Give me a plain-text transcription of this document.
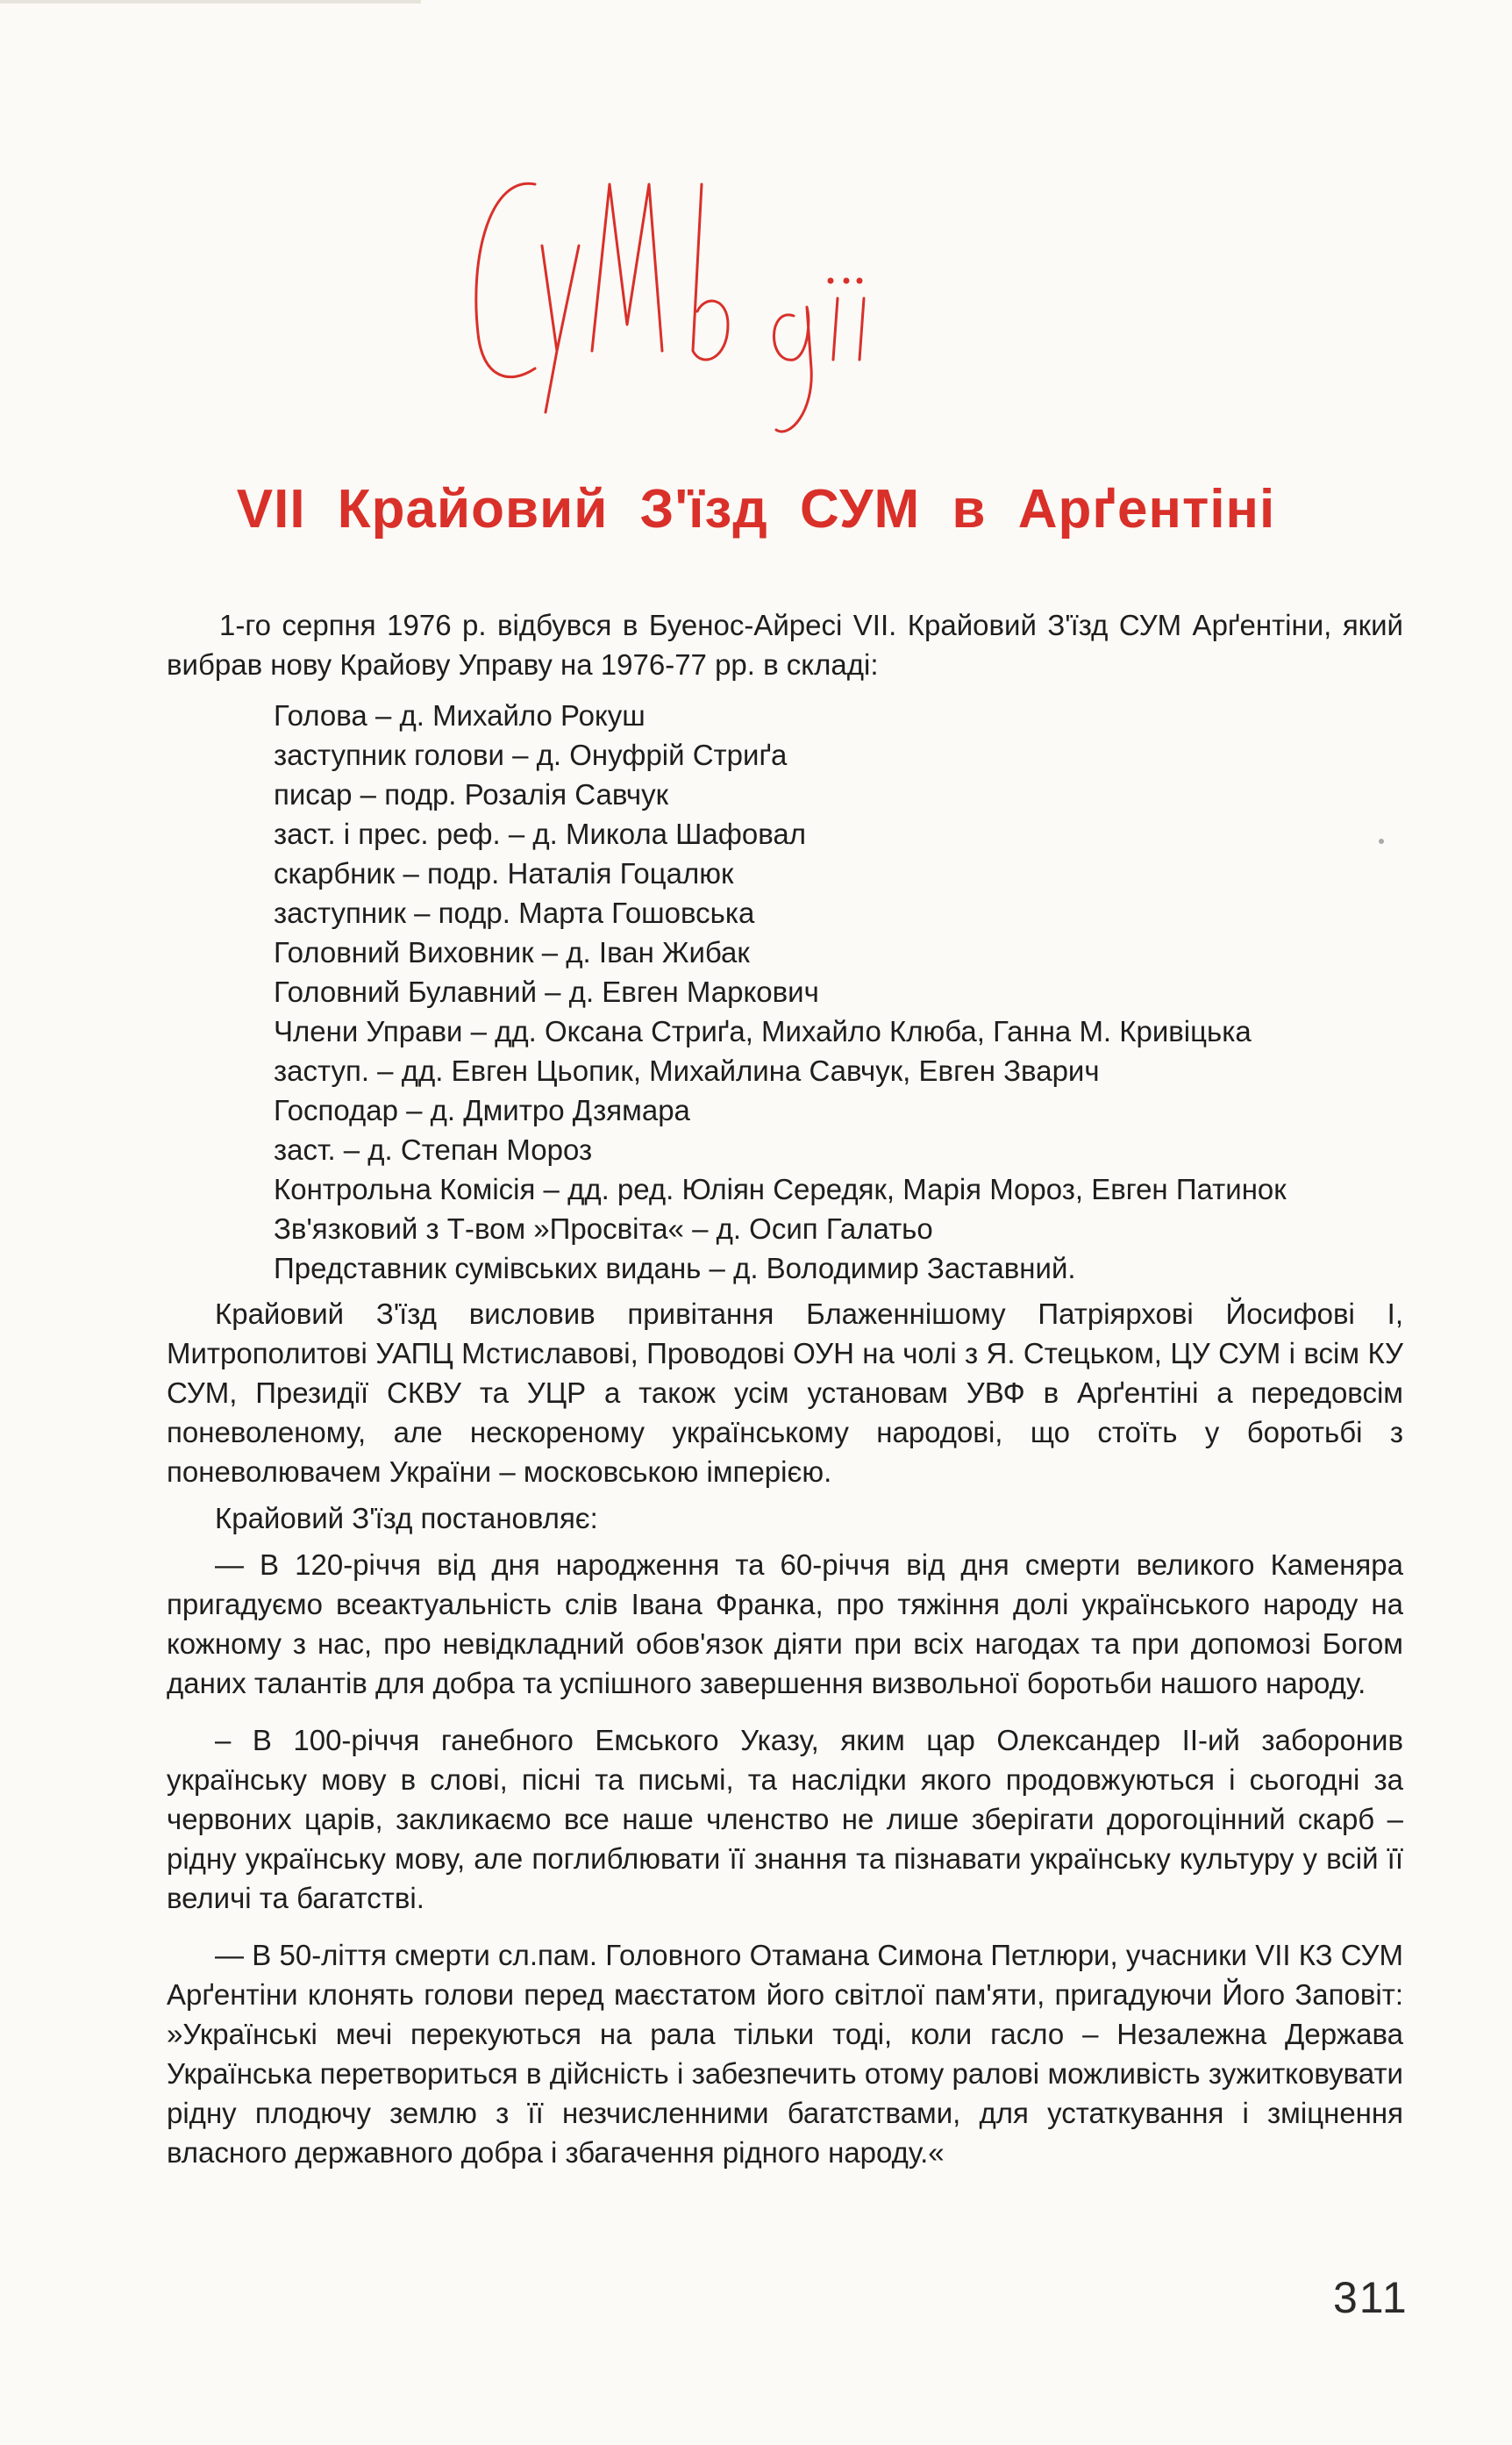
VII Крайовий З'їзд СУМ в Арґентіні

1-го серпня 1976 р. відбувся в Буенос-Айресі VII. Крайовий З'їзд СУМ Арґентіни, який вибрав нову Крайову Управу на 1976-77 рр. в складі:

Голова – д. Михайло Рокуш
заступник голови – д. Онуфрій Стриґа
писар – подр. Розалія Савчук
заст. і прес. реф. – д. Микола Шафовал
скарбник – подр. Наталія Гоцалюк
заступник – подр. Марта Гошовська
Головний Виховник – д. Іван Жибак
Головний Булавний – д. Евген Маркович
Члени Управи – дд. Оксана Стриґа, Михайло Клюба, Ганна М. Кривіцька
заступ. – дд. Евген Цьопик, Михайлина Савчук, Евген Зварич
Господар – д. Дмитро Дзямара
заст. – д. Степан Мороз
Контрольна Комісія – дд. ред. Юліян Середяк, Марія Мороз, Евген Патинок
Зв'язковий з Т-вом »Просвіта« – д. Осип Галатьо
Представник сумівських видань – д. Володимир Заставний.

Крайовий З'їзд висловив привітання Блаженнішому Патріярхові Йосифові І, Митрополитові УАПЦ Мстиславові, Проводові ОУН на чолі з Я. Стецьком, ЦУ СУМ і всім КУ СУМ, Президії СКВУ та УЦР а також усім установам УВФ в Арґентіні а передовсім поневоленому, але нескореному українському народові, що стоїть у боротьбі з поневолювачем України – московською імперією.

Крайовий З'їзд постановляє:

— В 120-річчя від дня народження та 60-річчя від дня смерти великого Каменяра пригадуємо всеактуальність слів Івана Франка, про тяжіння долі українського народу на кожному з нас, про невідкладний обов'язок діяти при всіх нагодах та при допомозі Богом даних талантів для добра та успішного завершення визвольної боротьби нашого народу.

– В 100-річчя ганебного Емського Указу, яким цар Олександер ІІ-ий заборонив українську мову в слові, пісні та письмі, та наслідки якого продовжуються і сьогодні за червоних царів, закликаємо все наше членство не лише зберігати дорогоцінний скарб – рідну українську мову, але поглиблювати її знання та пізнавати українську культуру у всій її величі та багатстві.

— В 50-ліття смерти сл.пам. Головного Отамана Симона Петлюри, учасники VII КЗ СУМ Арґентіни клонять голови перед маєстатом його світлої пам'яти, пригадуючи Його Заповіт: »Українські мечі перекуються на рала тільки тоді, коли гасло – Незалежна Держава Українська перетвориться в дійсність і забезпечить отому ралові можливість зужитковувати рідну плодючу землю з її незчисленними багатствами, для устаткування і зміцнення власного державного добра і збагачення рідного народу.«

311
